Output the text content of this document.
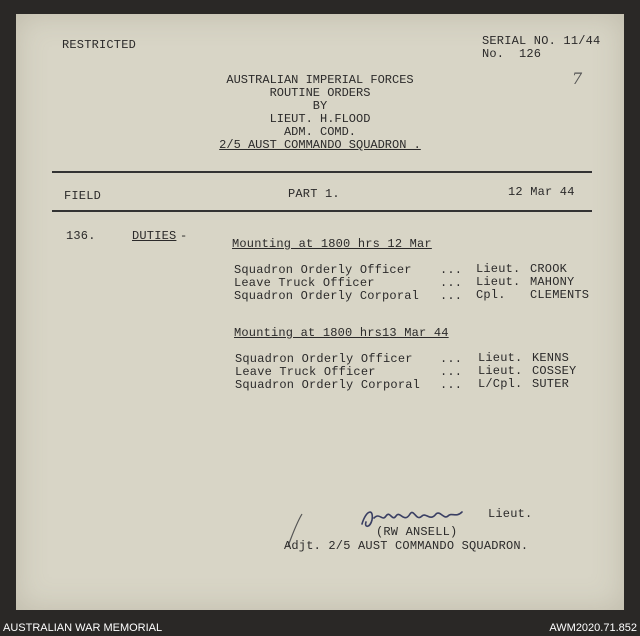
RESTRICTED	SERIAL NO. 11/44
No.  126
7
AUSTRALIAN IMPERIAL FORCES
ROUTINE ORDERS
BY
LIEUT. H.FLOOD
ADM. COMD.
2/5 AUST COMMANDO SQUADRON .
FIELD	PART 1.	12 Mar 44
136.	DUTIES -
Mounting at 1800 hrs 12 Mar
Squadron Orderly Officer ... Lieut. CROOK
Leave Truck Officer	... Lieut. MAHONY
Squadron Orderly Corporal ... Cpl. CLEMENTS
Mounting at 1800 hrs13 Mar 44
Squadron Orderly Officer ... Lieut. KENNS
Leave Truck Officer	... Lieut. COSSEY
Squadron Orderly Corporal ... L/Cpl. SUTER
Lieut.
(RW ANSELL)
Adjt. 2/5 AUST COMMANDO SQUADRON.
AUSTRALIAN WAR MEMORIAL	AWM2020.71.852
